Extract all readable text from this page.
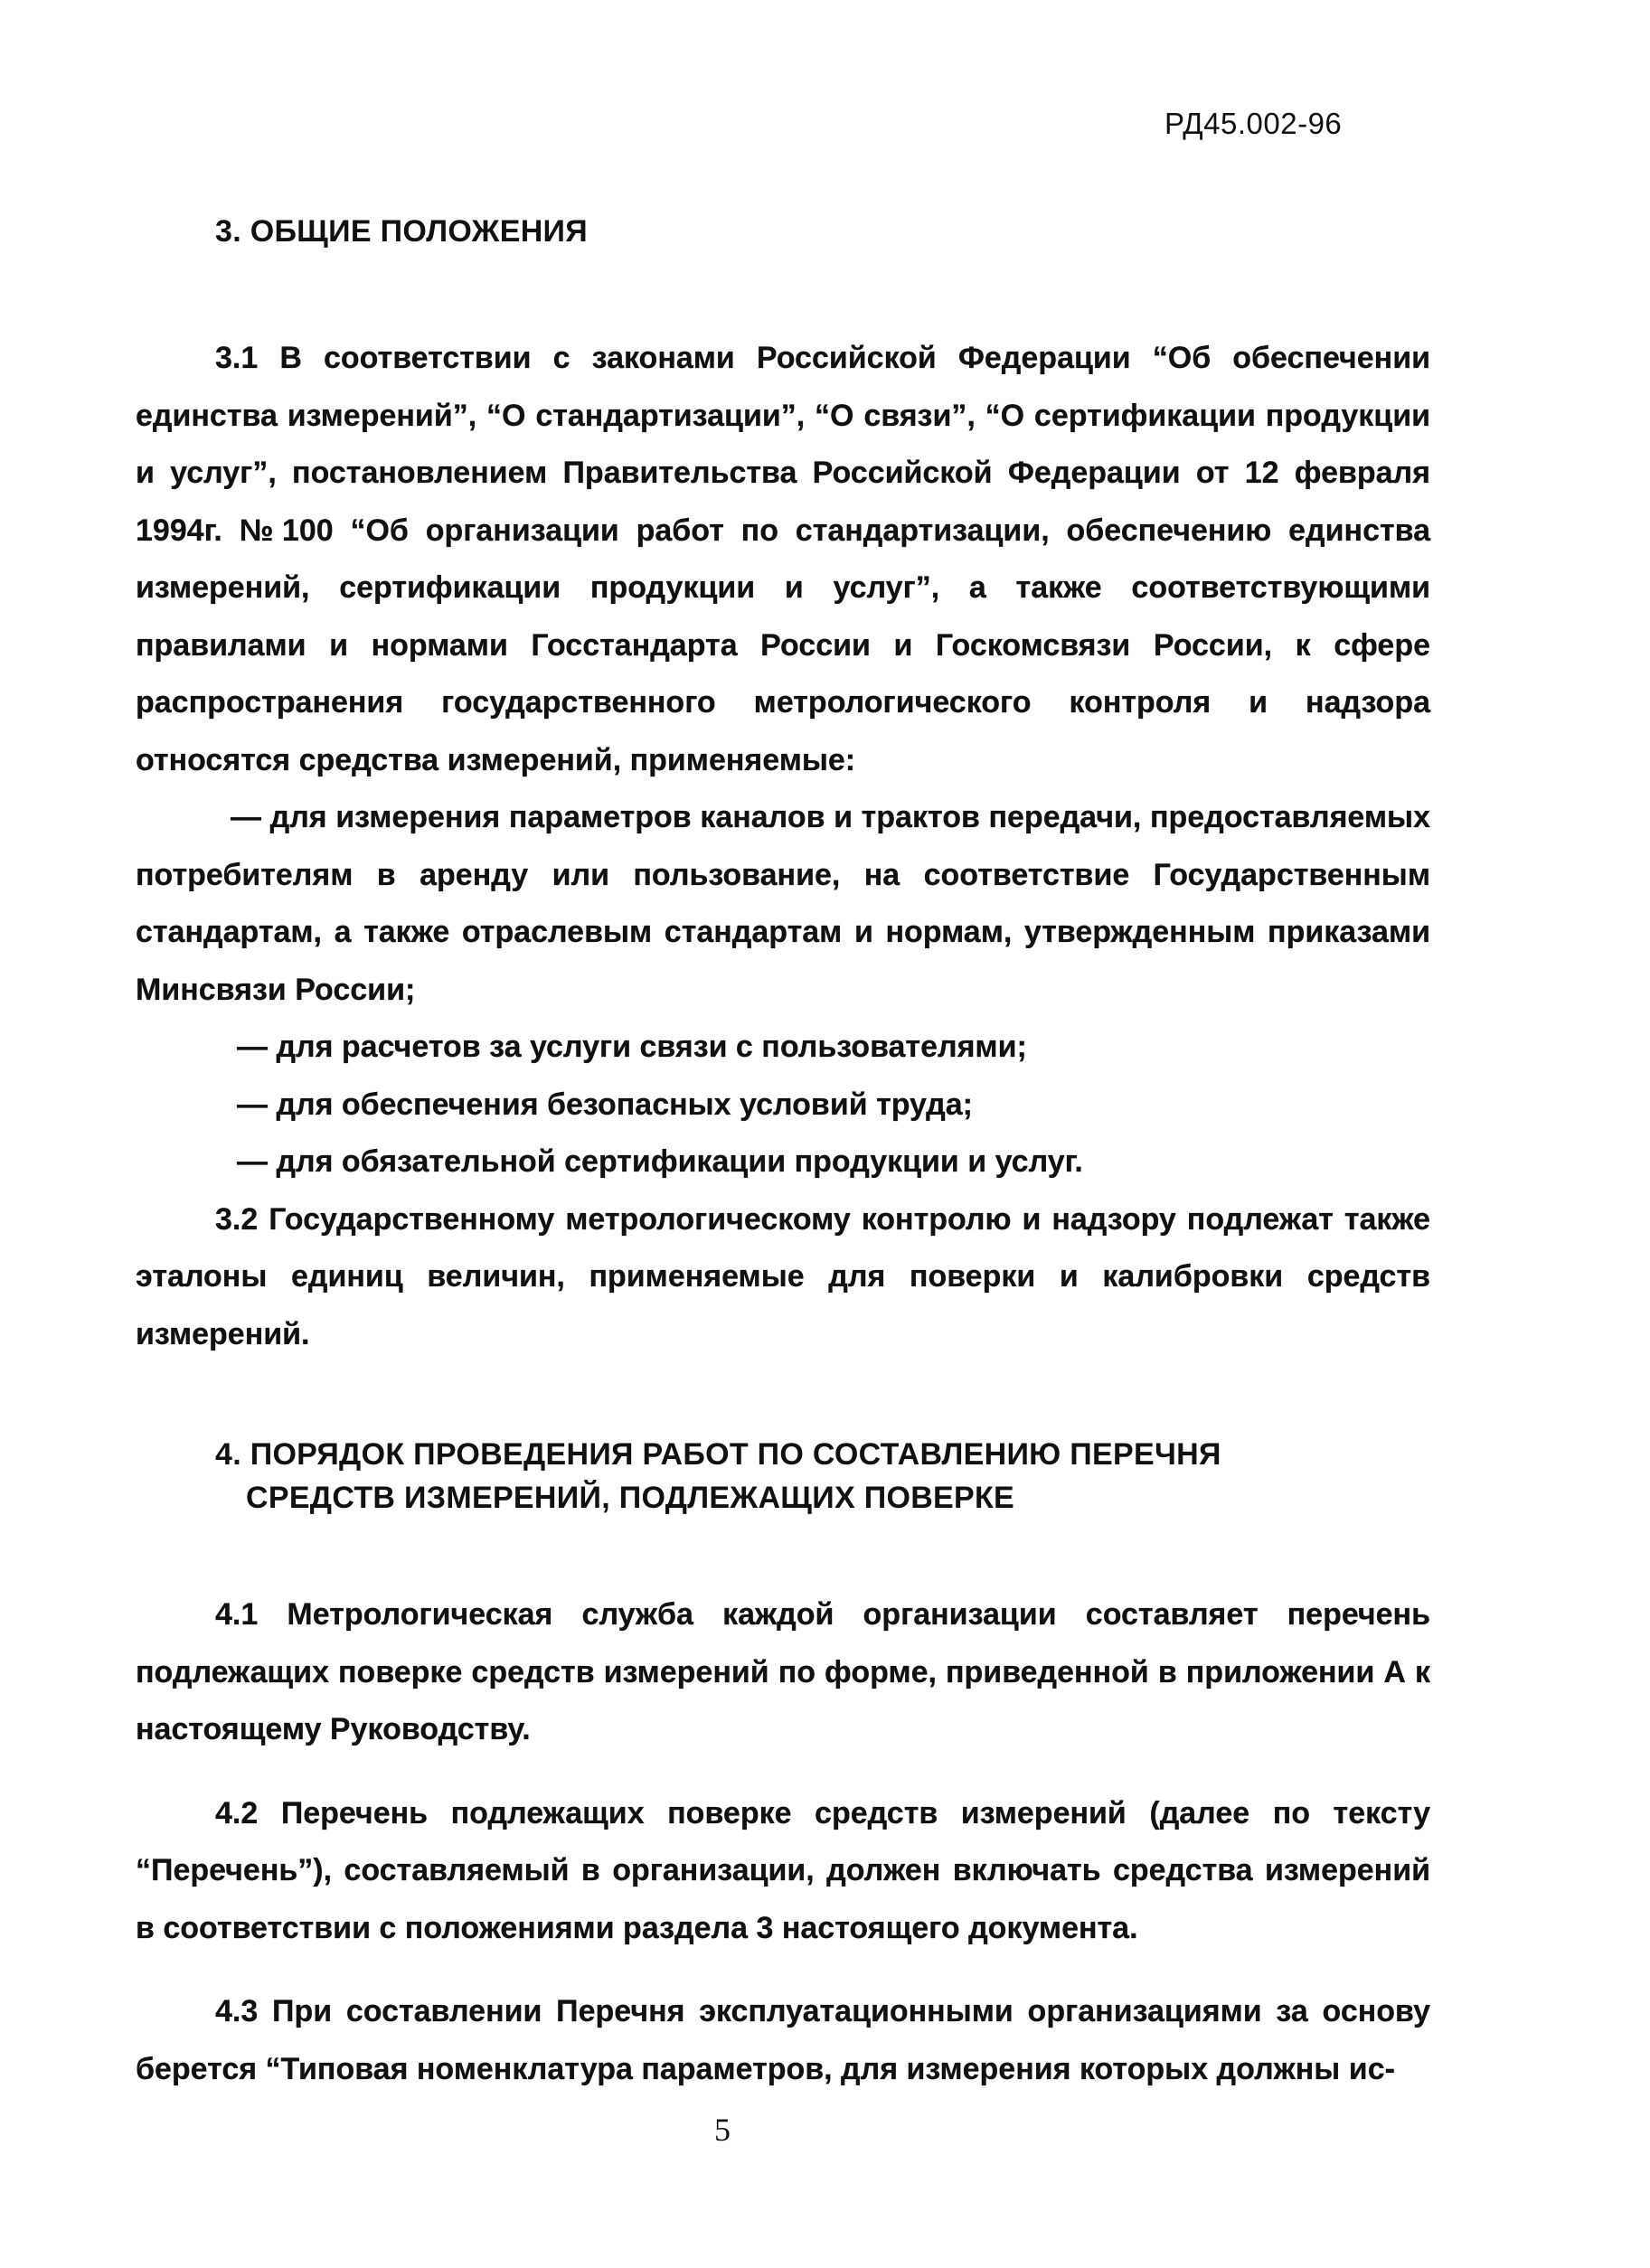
РД45.002-96
3. ОБЩИЕ ПОЛОЖЕНИЯ

3.1 В соответствии с законами Российской Федерации “Об обеспечении единства измерений”, “О стандартизации”, “О связи”, “О сертификации продукции и услуг”, постановлением Правительства Российской Федерации от 12 февраля 1994г. №100 “Об организации работ по стандартизации, обеспечению единства измерений, сертификации продукции и услуг”, а также соответствующими правилами и нормами Госстандарта России и Госкомсвязи России, к сфере распространения государственного метрологического контроля и надзора относятся средства измерений, применяемые:

— для измерения параметров каналов и трактов передачи, предоставляемых потребителям в аренду или пользование, на соответствие Государственным стандартам, а также отраслевым стандартам и нормам, утвержденным приказами Минсвязи России;

— для расчетов за услуги связи с пользователями;

— для обеспечения безопасных условий труда;

— для обязательной сертификации продукции и услуг.

3.2 Государственному метрологическому контролю и надзору подлежат также эталоны единиц величин, применяемые для поверки и калибровки средств измерений.

4. ПОРЯДОК ПРОВЕДЕНИЯ РАБОТ ПО СОСТАВЛЕНИЮ ПЕРЕЧНЯ
СРЕДСТВ ИЗМЕРЕНИЙ, ПОДЛЕЖАЩИХ ПОВЕРКЕ

4.1 Метрологическая служба каждой организации составляет перечень подлежащих поверке средств измерений по форме, приведенной в приложении А к настоящему Руководству.

4.2 Перечень подлежащих поверке средств измерений (далее по тексту “Перечень”), составляемый в организации, должен включать средства измерений в соответствии с положениями раздела 3 настоящего документа.

4.3 При составлении Перечня эксплуатационными организациями за основу берется “Типовая номенклатура параметров, для измерения которых должны ис-

5
